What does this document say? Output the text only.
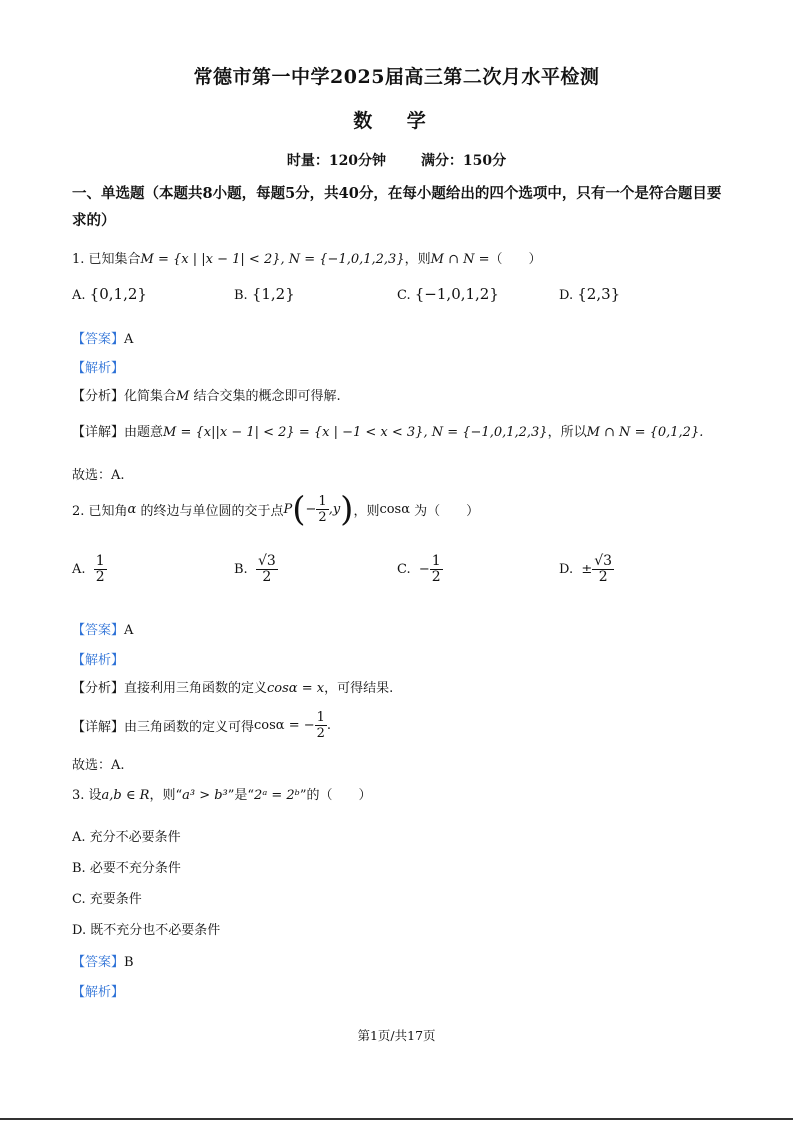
常德市第一中学2025届高三第二次月水平检测
数 学
时量：120分钟 满分：150分
一、单选题（本题共8小题，每题5分，共40分，在每小题给出的四个选项中，只有一个是符合题目要求的）
1. 已知集合M = {x | |x − 1| < 2}, N = {−1,0,1,2,3}，则M ∩ N =（　　）
A. {0,1,2}	B. {1,2}	C. {−1,0,1,2}	D. {2,3}
【答案】A
【解析】
【分析】化简集合M 结合交集的概念即可得解.
【详解】由题意M = {x||x − 1| < 2} = {x | −1 < x < 3}, N = {−1,0,1,2,3}，所以M ∩ N = {0,1,2}.
故选：A.
2. 已知角α 的终边与单位圆的交于点$P(- \frac{1}{2} ,y)$，则cosα 为（　　）
A. $\frac{1}{2}$	B. $\frac{√3}{2}$	C. − $\frac{1}{2}$	D. ± $\frac{√3}{2}$
【答案】A
【解析】
【分析】直接利用三角函数的定义cosα = x，可得结果.
【详解】由三角函数的定义可得cosα = − $\frac{1}{2}$ .
故选：A.
3. 设a,b ∈ R，则“a³ > b³”是“2ᵃ = 2ᵇ”的（　　）
A. 充分不必要条件
B. 必要不充分条件
C. 充要条件
D. 既不充分也不必要条件
【答案】B
【解析】
第1页/共17页
